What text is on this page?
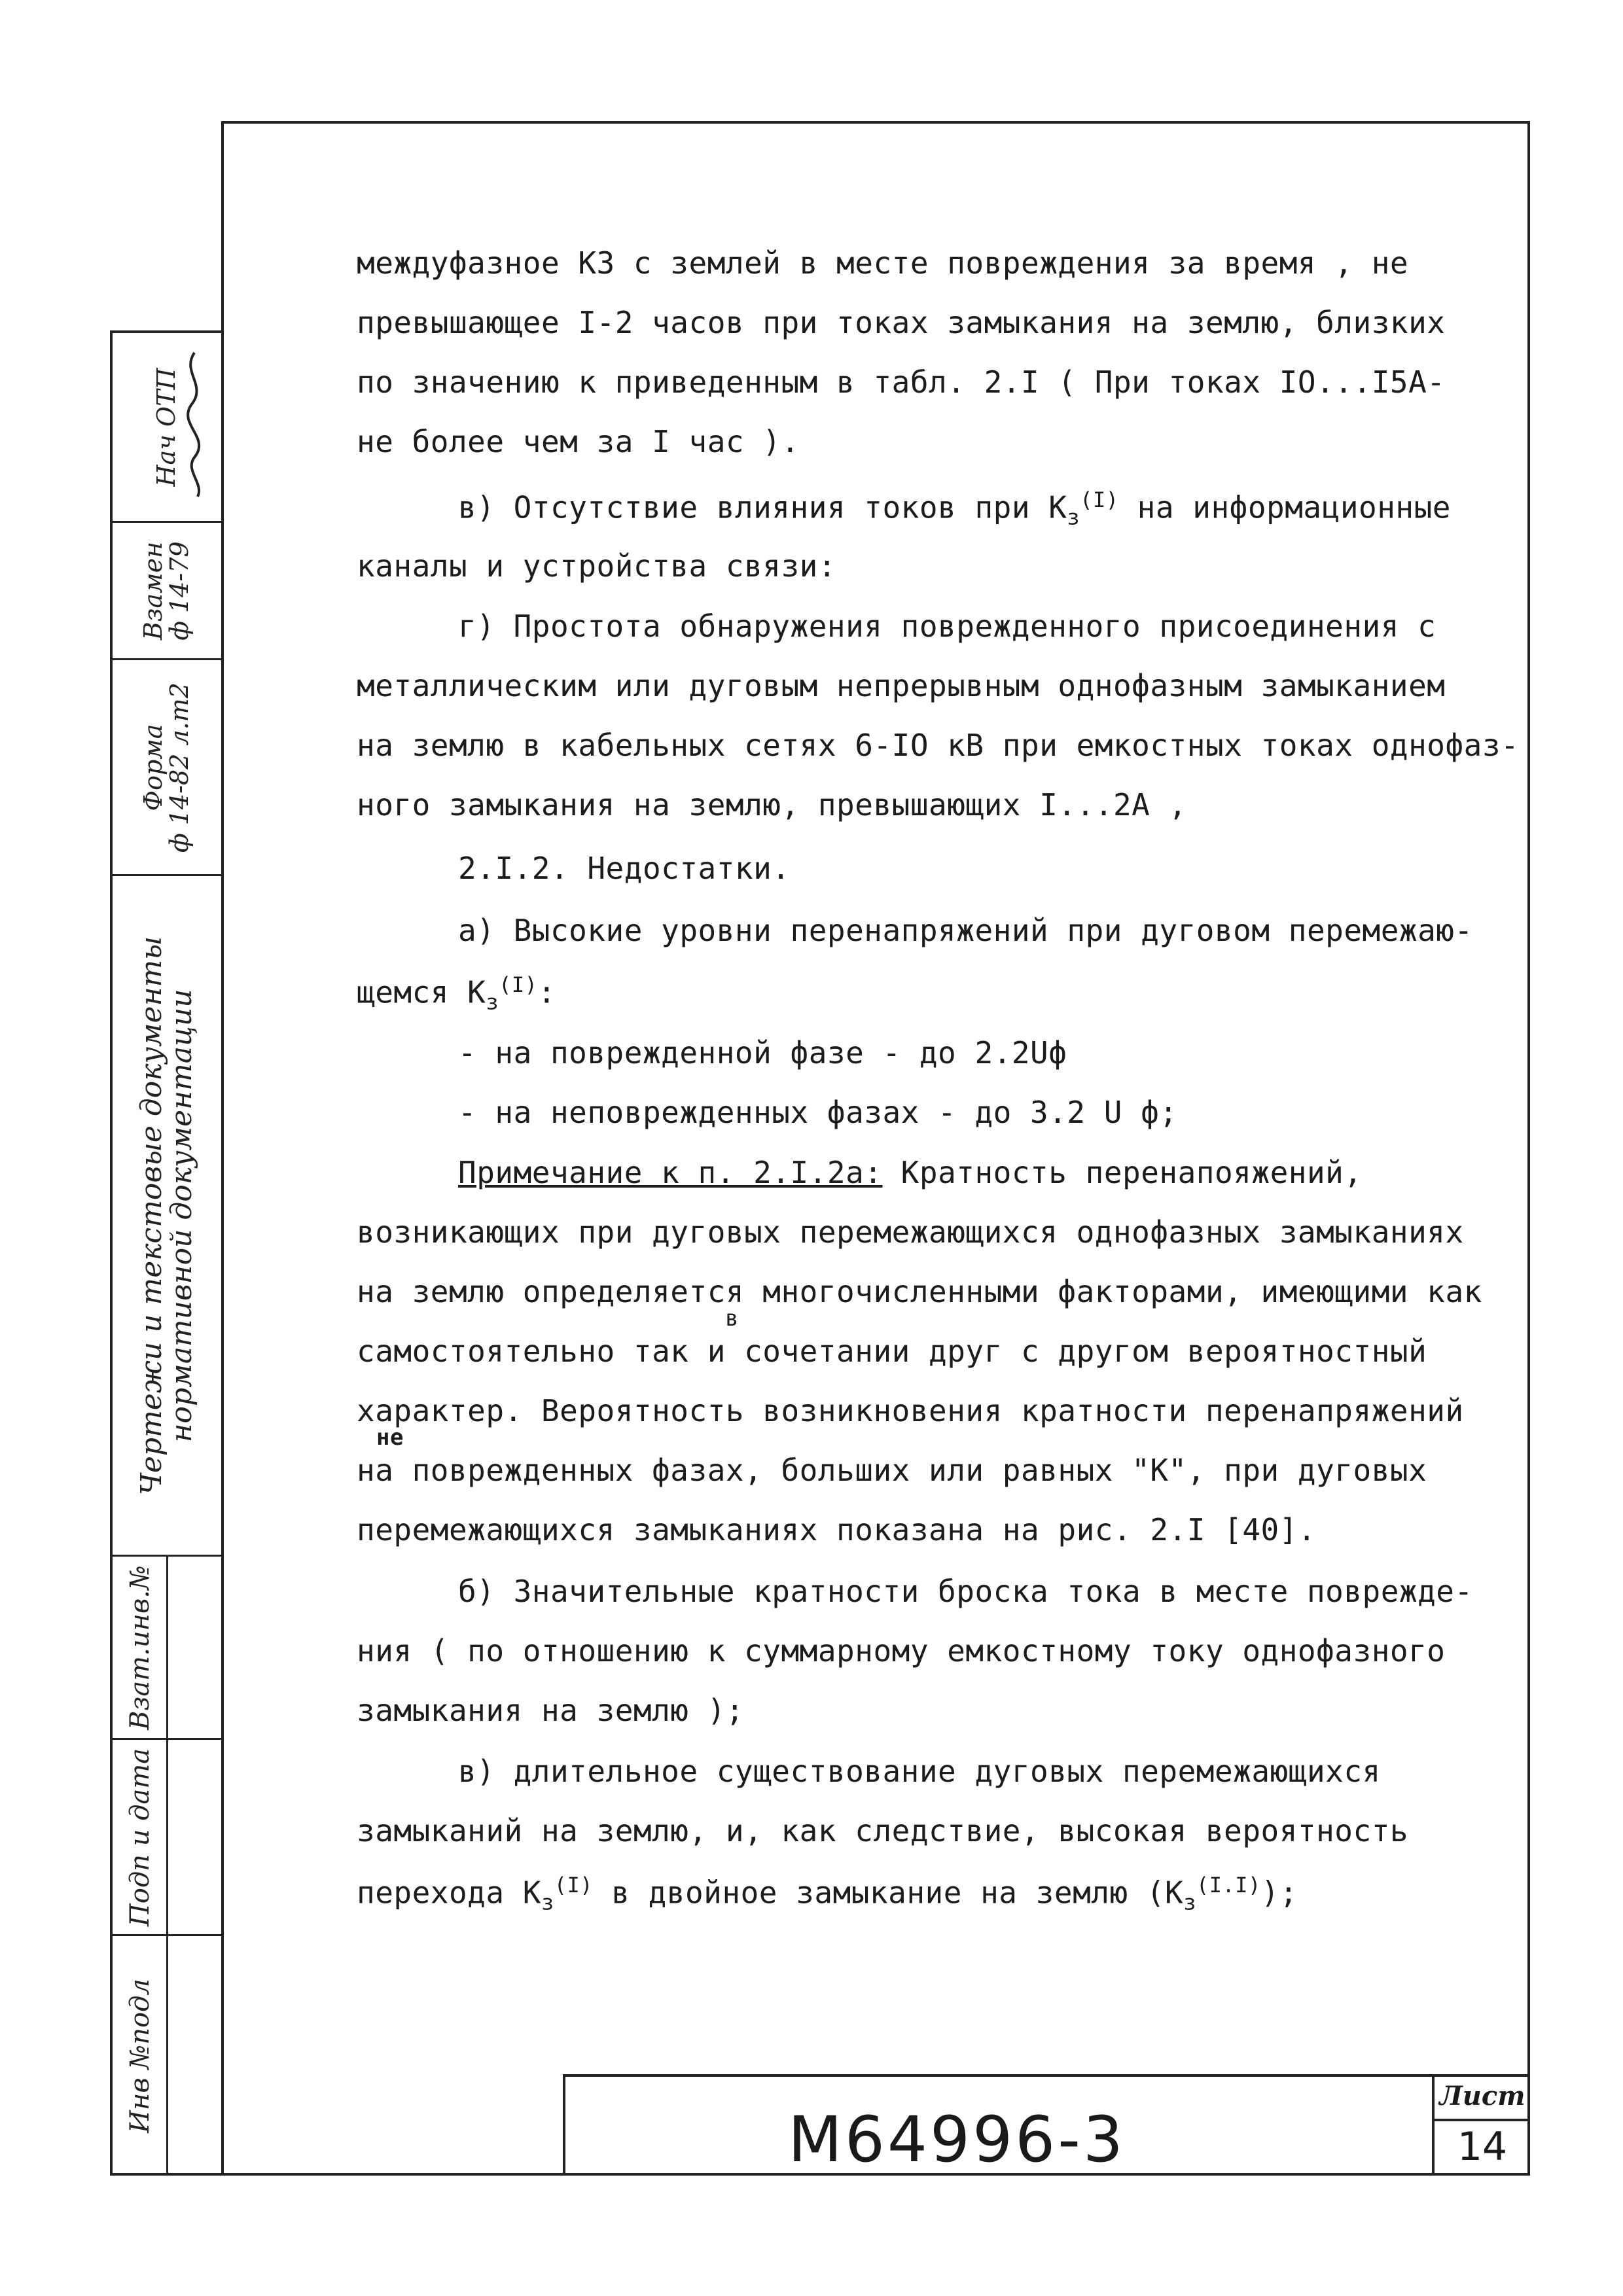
Нач ОТП
Взамен
ф 14-79
Форма
ф 14-82 л.т2
Чертежи и текстовые документы
нормативной документации
Взат.инв.№
Подп и дата
Инв №подл
междуфазное КЗ с землей в месте повреждения за время , не
превышающее I-2 часов при токах замыкания на землю, близких
по значению к приведенным в табл. 2.I ( При токах IO...I5A-
не более чем за I час ).
в) Отсутствие влияния токов при $К_з^{(I)}$ на информационные
каналы и устройства связи:
г) Простота обнаружения поврежденного присоединения с
металлическим или дуговым непрерывным однофазным замыканием
на землю в кабельных сетях 6-IO кВ при емкостных токах однофаз-
ного замыкания на землю, превышающих I...2A ,
2.I.2. Недостатки.
а) Высокие уровни перенапряжений при дуговом перемежаю-
щемся $К_з^{(I)}$:
- на поврежденной фазе - до 2.2Uф
- на неповрежденных фазах - до 3.2 U ф;
Примечание к п. 2.I.2а: Кратность перенапояжений,
возникающих при дуговых перемежающихся однофазных замыканиях
на землю определяется многочисленными факторами, имеющими как
самостоятельно так и сочетании друг с другом вероятностный
в
характер. Вероятность возникновения кратности перенапряжений
на поврежденных фазах, больших или равных "К", при дуговых
не
перемежающихся замыканиях показана на рис. 2.I [40].
б) Значительные кратности броска тока в месте поврежде-
ния ( по отношению к суммарному емкостному току однофазного
замыкания на землю );
в) длительное существование дуговых перемежающихся
замыканий на землю, и, как следствие, высокая вероятность
перехода $К_з^{(I)}$ в двойное замыкание на землю $(К_з^{(I.I)})$;
М64996-3
Лист
14
